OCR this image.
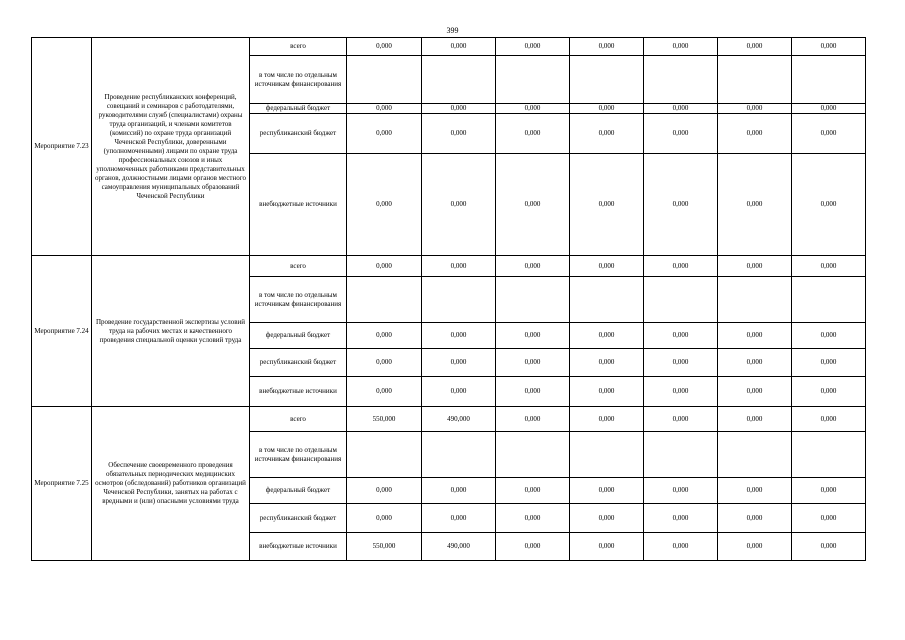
399
Мероприятие 7.23	Проведение республиканских конференций, совещаний и семинаров с работодателями, руководителями служб (специалистами) охраны труда организаций, и членами комитетов (комиссий) по охране труда организаций Чеченской Республики, доверенными (уполномоченными) лицами по охране труда профессиональных союзов и иных уполномоченных работниками представительных органов, должностными лицами органов местного самоуправления муниципальных образований Чеченской Республики	всего	0,000	0,000	0,000	0,000	0,000	0,000	0,000
		в том числе по отдельным источникам финансирования							
		федеральный бюджет	0,000	0,000	0,000	0,000	0,000	0,000	0,000
		республиканский бюджет	0,000	0,000	0,000	0,000	0,000	0,000	0,000
		внебюджетные источники	0,000	0,000	0,000	0,000	0,000	0,000	0,000
Мероприятие 7.24	Проведение государственной экспертизы условий труда на рабочих местах и качественного проведения специальной оценки условий труда	всего	0,000	0,000	0,000	0,000	0,000	0,000	0,000
		в том числе по отдельным источникам финансирования							
		федеральный бюджет	0,000	0,000	0,000	0,000	0,000	0,000	0,000
		республиканский бюджет	0,000	0,000	0,000	0,000	0,000	0,000	0,000
		внебюджетные источники	0,000	0,000	0,000	0,000	0,000	0,000	0,000
Мероприятие 7.25	Обеспечение своевременного проведения обязательных периодических медицинских осмотров (обследований) работников организаций Чеченской Республики, занятых на работах с вредными и (или) опасными условиями труда	всего	550,000	490,000	0,000	0,000	0,000	0,000	0,000
		в том числе по отдельным источникам финансирования							
		федеральный бюджет	0,000	0,000	0,000	0,000	0,000	0,000	0,000
		республиканский бюджет	0,000	0,000	0,000	0,000	0,000	0,000	0,000
		внебюджетные источники	550,000	490,000	0,000	0,000	0,000	0,000	0,000
